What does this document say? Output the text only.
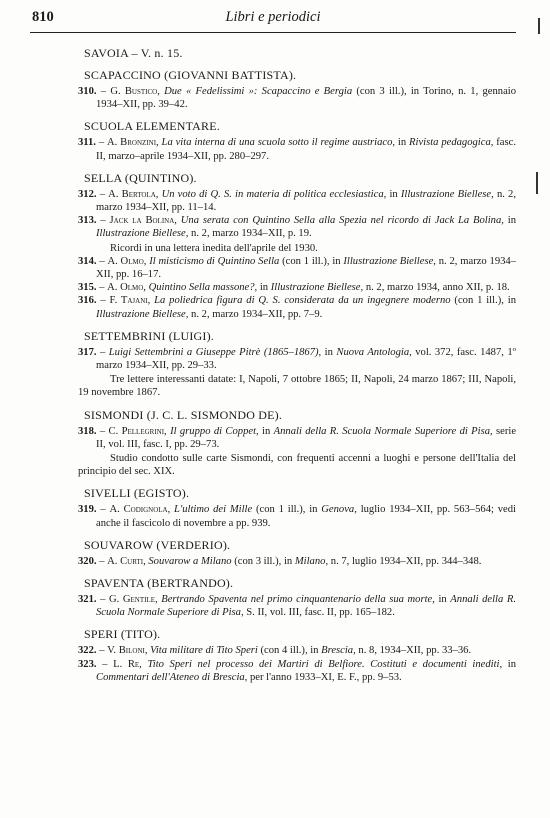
810	Libri e periodici
SAVOIA – V. n. 15.
SCAPACCINO (GIOVANNI BATTISTA).
310. – G. Bustico, Due « Fedelissimi »: Scapaccino e Bergia (con 3 ill.), in Torino, n. 1, gennaio 1934–XII, pp. 39–42.
SCUOLA ELEMENTARE.
311. – A. Bronzini, La vita interna di una scuola sotto il regime austriaco, in Rivista pedagogica, fasc. II, marzo–aprile 1934–XII, pp. 280–297.
SELLA (QUINTINO).
312. – A. Bertola, Un voto di Q. S. in materia di politica ecclesiastica, in Illustrazione Biellese, n. 2, marzo 1934–XII, pp. 11–14.
313. – Jack la Bolina, Una serata con Quintino Sella alla Spezia nel ricordo di Jack La Bolina, in Illustrazione Biellese, n. 2, marzo 1934–XII, p. 19.
Ricordi in una lettera inedita dell'aprile del 1930.
314. – A. Olmo, Il misticismo di Quintino Sella (con 1 ill.), in Illustrazione Biellese, n. 2, marzo 1934–XII, pp. 16–17.
315. – A. Olmo, Quintino Sella massone?, in Illustrazione Biellese, n. 2, marzo 1934, anno XII, p. 18.
316. – F. Tajani, La poliedrica figura di Q. S. considerata da un ingegnere moderno (con 1 ill.), in Illustrazione Biellese, n. 2, marzo 1934–XII, pp. 7–9.
SETTEMBRINI (LUIGI).
317. – Luigi Settembrini a Giuseppe Pitrè (1865–1867), in Nuova Antologia, vol. 372, fasc. 1487, 1º marzo 1934–XII, pp. 29–33.
Tre lettere interessanti datate: I, Napoli, 7 ottobre 1865; II, Napoli, 24 marzo 1867; III, Napoli, 19 novembre 1867.
SISMONDI (J. C. L. SISMONDO DE).
318. – C. Pellegrini, Il gruppo di Coppet, in Annali della R. Scuola Normale Superiore di Pisa, serie II, vol. III, fasc. I, pp. 29–73.
Studio condotto sulle carte Sismondi, con frequenti accenni a luoghi e persone dell'Italia del principio del sec. XIX.
SIVELLI (EGISTO).
319. – A. Codignola, L'ultimo dei Mille (con 1 ill.), in Genova, luglio 1934–XII, pp. 563–564; vedi anche il fascicolo di novembre a pp. 939.
SOUVAROW (VERDERIO).
320. – A. Curti, Souvarow a Milano (con 3 ill.), in Milano, n. 7, luglio 1934–XII, pp. 344–348.
SPAVENTA (BERTRANDO).
321. – G. Gentile, Bertrando Spaventa nel primo cinquantenario della sua morte, in Annali della R. Scuola Normale Superiore di Pisa, S. II, vol. III, fasc. II, pp. 165–182.
SPERI (TITO).
322. – V. Biloni, Vita militare di Tito Speri (con 4 ill.), in Brescia, n. 8, 1934–XII, pp. 33–36.
323. – L. Re, Tito Speri nel processo dei Martiri di Belfiore. Costituti e documenti inediti, in Commentari dell'Ateneo di Brescia, per l'anno 1933–XI, E. F., pp. 9–53.
